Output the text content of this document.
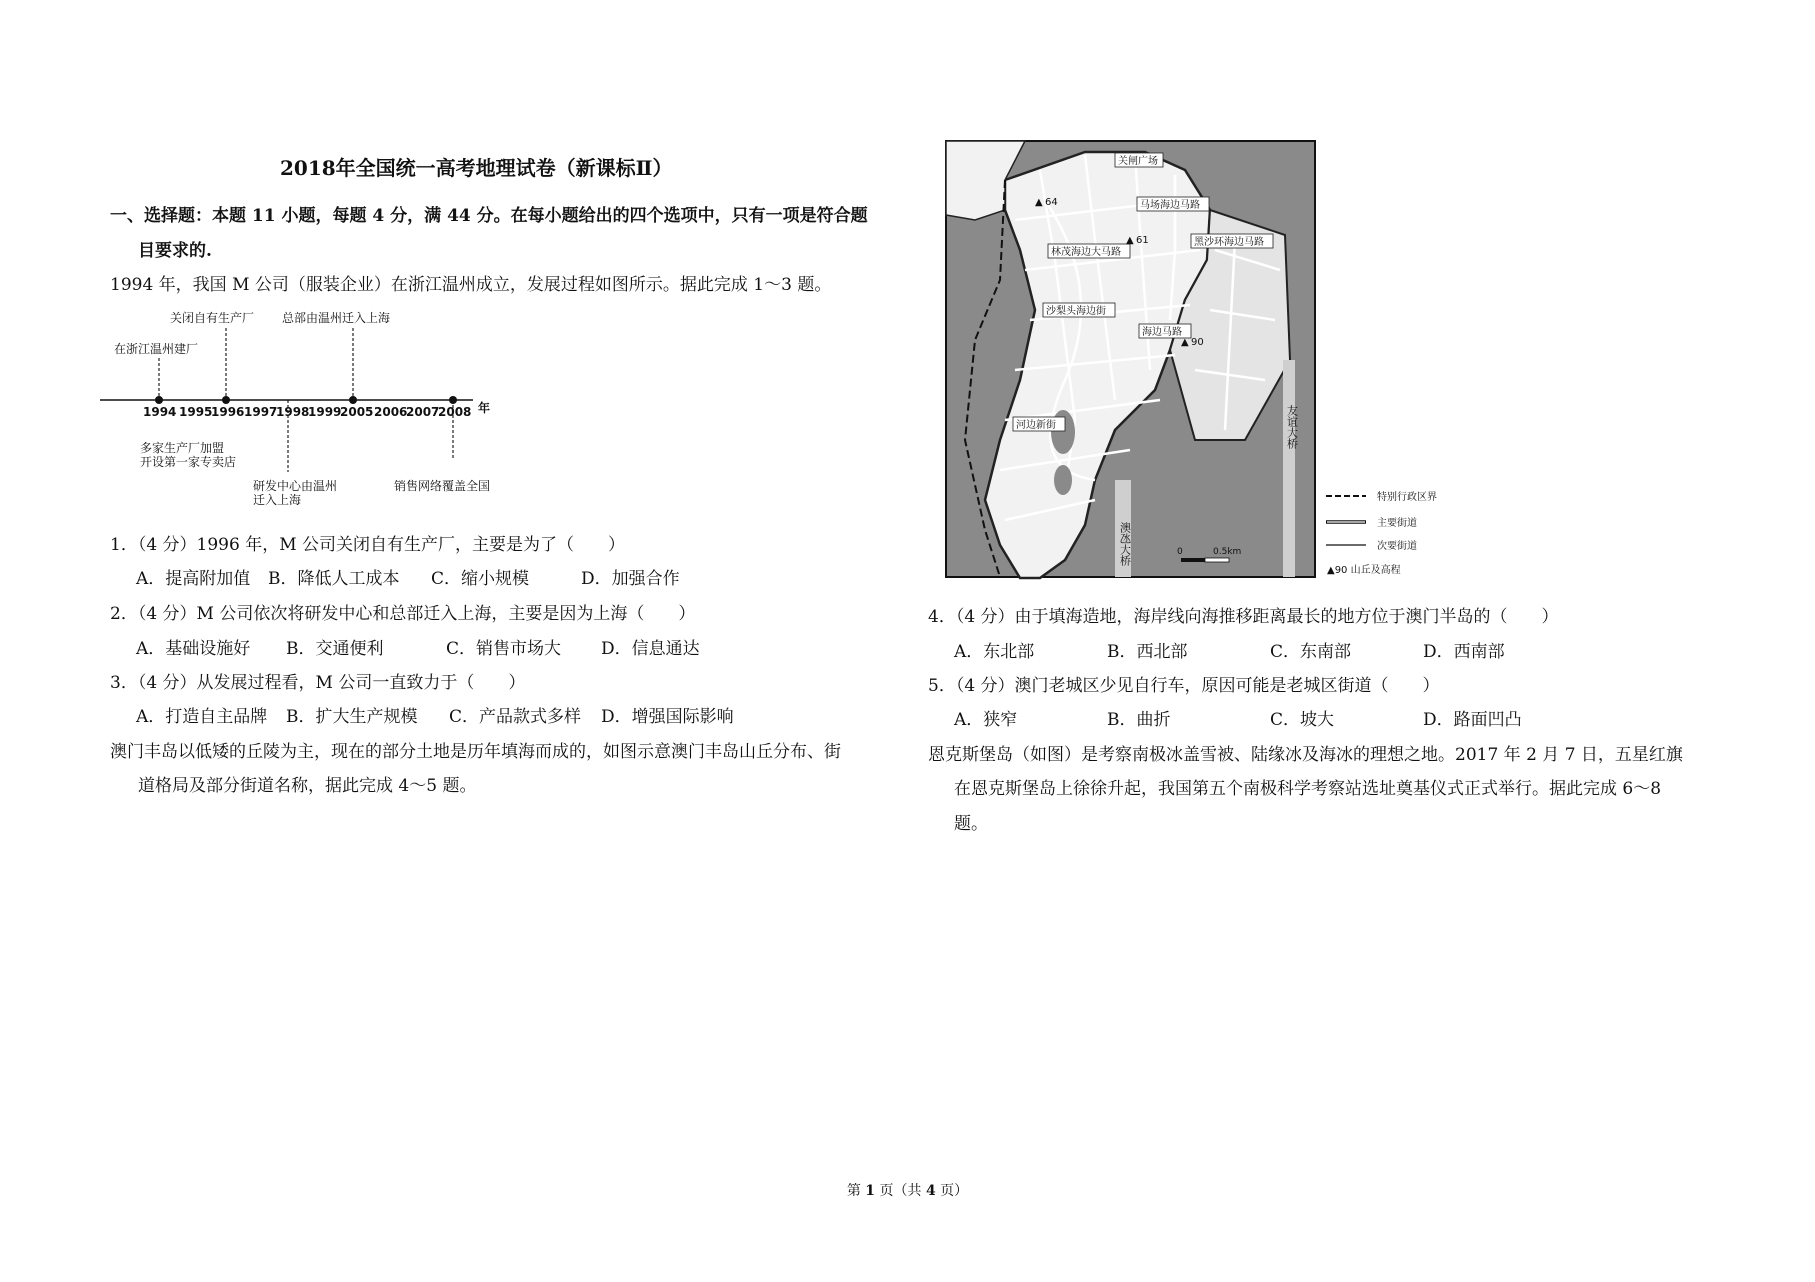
2018年全国统一高考地理试卷（新课标Ⅱ）
一、选择题：本题 11 小题，每题 4 分，满 44 分。在每小题给出的四个选项中，只有一项是符合题
目要求的.
1994 年，我国 M 公司（服装企业）在浙江温州成立，发展过程如图所示。据此完成 1～3 题。
关闭自有生产厂 总部由温州迁入上海
在浙江温州建厂
1994 1995
1996 1997
1998
1999
2005 2006
2007
2008 年
多家生产厂加盟
开设第一家专卖店
研发中心由温州
迁入上海
销售网络覆盖全国
1．（4 分）1996 年，M 公司关闭自有生产厂，主要是为了（　　）
A．提高附加值 B．降低人工成本 C．缩小规模	D．加强合作
2．（4 分）M 公司依次将研发中心和总部迁入上海，主要是因为上海（　　）
A．基础设施好 B．交通便利	C．销售市场大 D．信息通达
3．（4 分）从发展过程看，M 公司一直致力于（　　）
A．打造自主品牌 B．扩大生产规模 C．产品款式多样 D．增强国际影响
澳门丰岛以低矮的丘陵为主，现在的部分土地是历年填海而成的，如图示意澳门丰岛山丘分布、街
道格局及部分街道名称，据此完成 4～5 题。
关闸广场
马场海边马路
黑沙环海边马路
林茂海边大马路
沙梨头海边街
海边马路
河边新街
▲ 64
▲ 61
▲ 90
友谊大桥
澳氹大桥	0	0.5km
特别行政区界
主要街道
次要街道
▲90 山丘及高程
4．（4 分）由于填海造地，海岸线向海推移距离最长的地方位于澳门半岛的（　　）
A．东北部	B．西北部	C．东南部	D．西南部
5．（4 分）澳门老城区少见自行车，原因可能是老城区街道（　　）
A．狭窄	B．曲折	C．坡大	D．路面凹凸
恩克斯堡岛（如图）是考察南极冰盖雪被、陆缘冰及海冰的理想之地。2017 年 2 月 7 日，五星红旗
在恩克斯堡岛上徐徐升起，我国第五个南极科学考察站选址奠基仪式正式举行。据此完成 6～8
题。
第 1 页（共 4 页）
